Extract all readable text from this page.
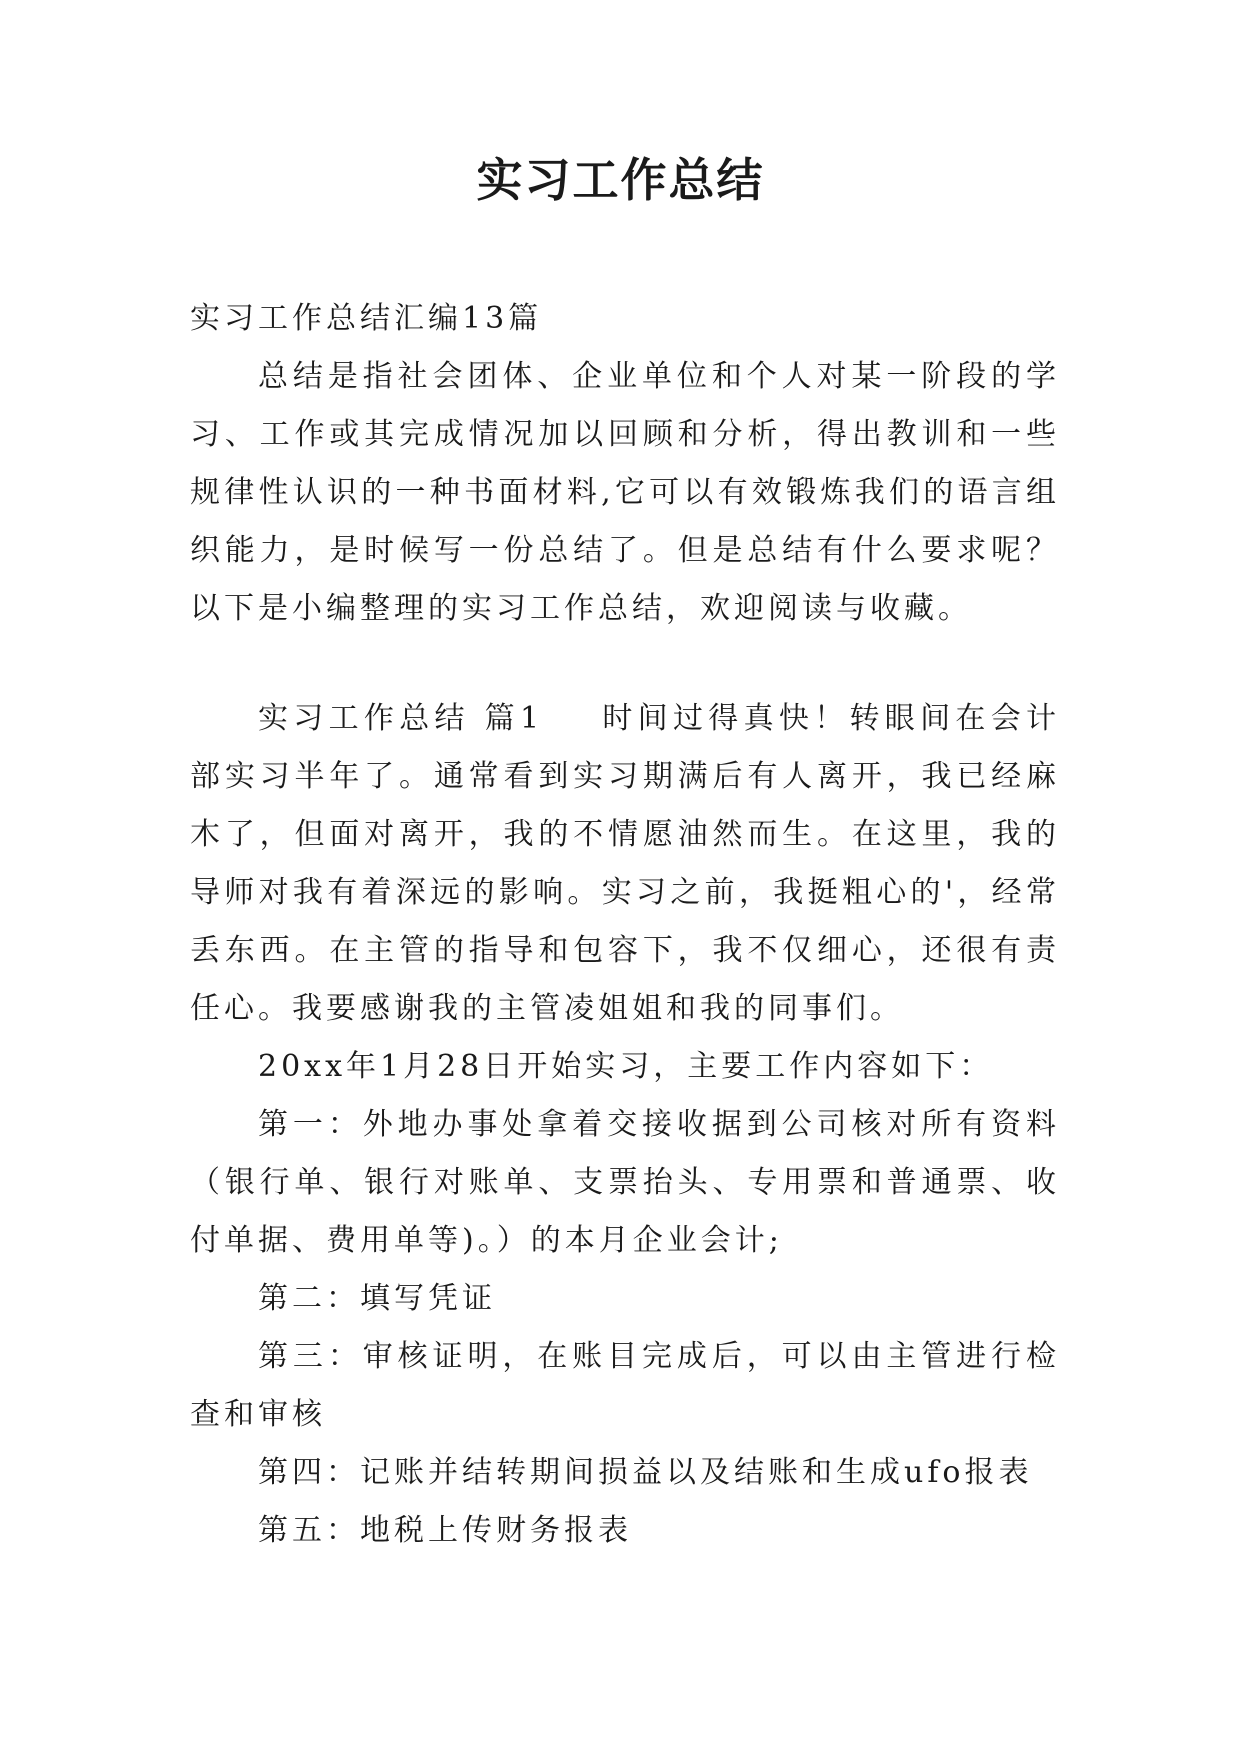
实习工作总结

实习工作总结汇编13篇

总结是指社会团体、企业单位和个人对某一阶段的学习、工作或其完成情况加以回顾和分析，得出教训和一些规律性认识的一种书面材料,它可以有效锻炼我们的语言组织能力，是时候写一份总结了。但是总结有什么要求呢？以下是小编整理的实习工作总结，欢迎阅读与收藏。

实习工作总结 篇1 时间过得真快！转眼间在会计部实习半年了。通常看到实习期满后有人离开，我已经麻木了，但面对离开，我的不情愿油然而生。在这里，我的导师对我有着深远的影响。实习之前，我挺粗心的'，经常丢东西。在主管的指导和包容下，我不仅细心，还很有责任心。我要感谢我的主管凌姐姐和我的同事们。

20xx年1月28日开始实习，主要工作内容如下：

第一：外地办事处拿着交接收据到公司核对所有资料（银行单、银行对账单、支票抬头、专用票和普通票、收付单据、费用单等)。）的本月企业会计;

第二：填写凭证

第三：审核证明，在账目完成后，可以由主管进行检查和审核

第四：记账并结转期间损益以及结账和生成ufo报表

第五：地税上传财务报表
